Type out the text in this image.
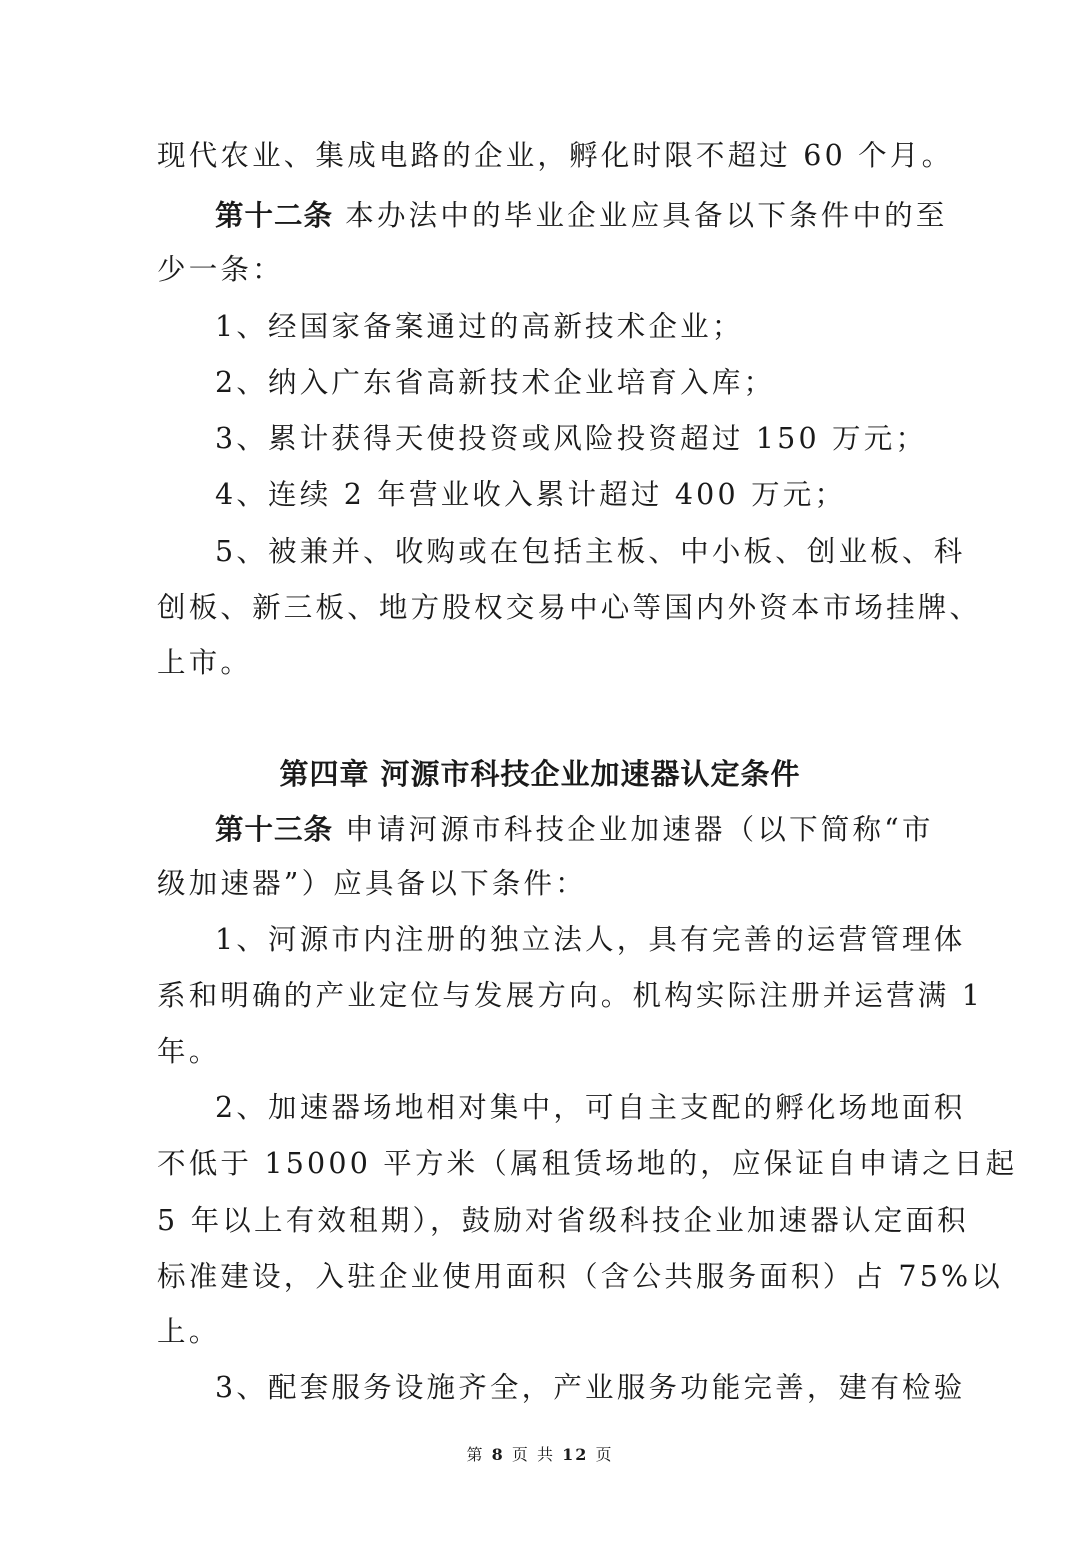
现代农业、集成电路的企业，孵化时限不超过 60 个月。
第十二条 本办法中的毕业企业应具备以下条件中的至
少一条：
1、经国家备案通过的高新技术企业；
2、纳入广东省高新技术企业培育入库；
3、累计获得天使投资或风险投资超过 150 万元；
4、连续 2 年营业收入累计超过 400 万元；
5、被兼并、收购或在包括主板、中小板、创业板、科
创板、新三板、地方股权交易中心等国内外资本市场挂牌、
上市。
第四章 河源市科技企业加速器认定条件
第十三条 申请河源市科技企业加速器（以下简称“市
级加速器”）应具备以下条件：
1、河源市内注册的独立法人，具有完善的运营管理体
系和明确的产业定位与发展方向。机构实际注册并运营满 1
年。
2、加速器场地相对集中，可自主支配的孵化场地面积
不低于 15000 平方米（属租赁场地的，应保证自申请之日起
5 年以上有效租期），鼓励对省级科技企业加速器认定面积
标准建设，入驻企业使用面积（含公共服务面积）占 75%以
上。
3、配套服务设施齐全，产业服务功能完善，建有检验
第 8 页 共 12 页
